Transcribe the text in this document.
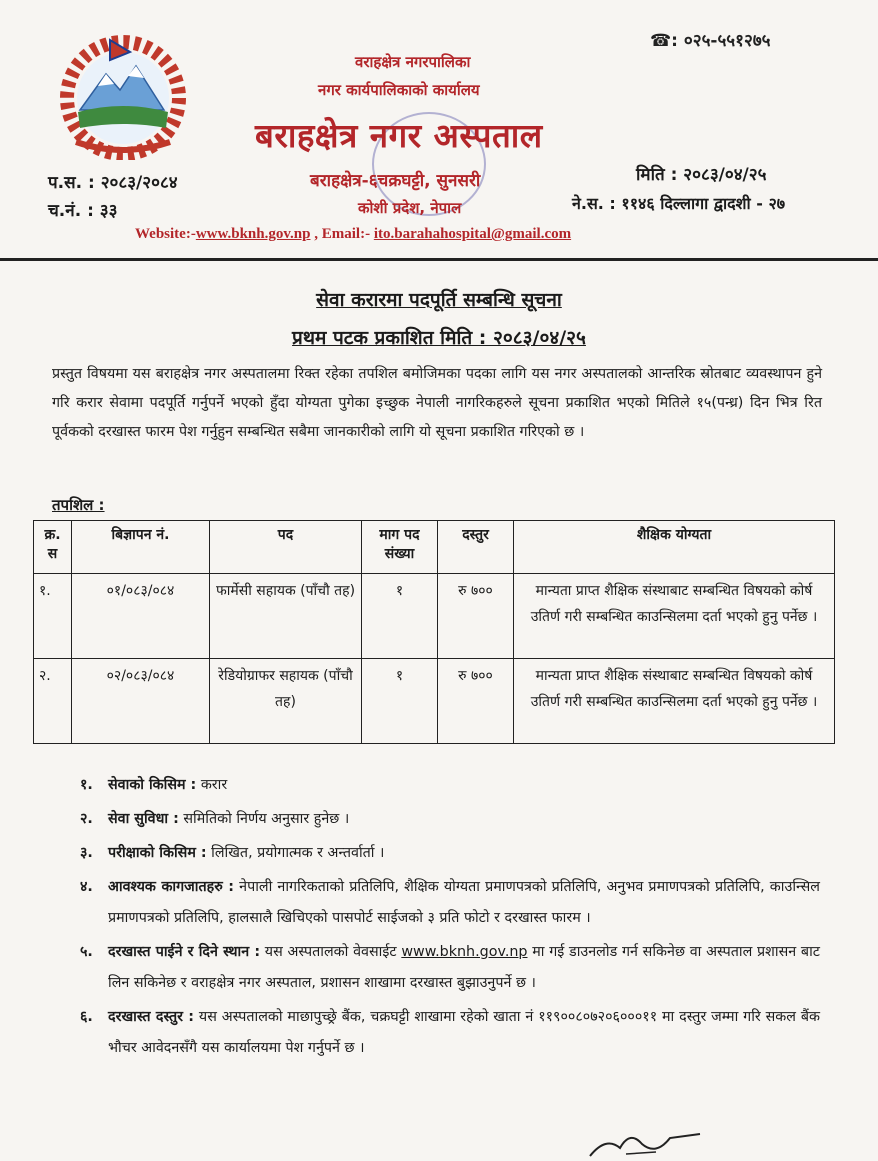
☎: ०२५-५५१२७५
वराहक्षेत्र नगरपालिका
नगर कार्यपालिकाको कार्यालय
बराहक्षेत्र नगर अस्पताल
प.स. : २०८३/२०८४
च.नं. : ३३
बराहक्षेत्र-६चक्रघट्टी, सुनसरी
कोशी प्रदेश, नेपाल
मिति : २०८३/०४/२५
ने.स. : ११४६ दिल्लागा द्वादशी - २७
Website:-www.bknh.gov.np , Email:- ito.barahahospital@gmail.com
सेवा करारमा पदपूर्ति सम्बन्धि सूचना
प्रथम पटक प्रकाशित मिति : २०८३/०४/२५
प्रस्तुत विषयमा यस बराहक्षेत्र नगर अस्पतालमा रिक्त रहेका तपशिल बमोजिमका पदका लागि यस नगर अस्पतालको आन्तरिक स्रोतबाट व्यवस्थापन हुने गरि करार सेवामा पदपूर्ति गर्नुपर्ने भएको हुँदा योग्यता पुगेका इच्छुक नेपाली नागरिकहरुले सूचना प्रकाशित भएको मितिले १५(पन्ध्र) दिन भित्र रित पूर्वकको दरखास्त फारम पेश गर्नुहुन सम्बन्धित सबैमा जानकारीको लागि यो सूचना प्रकाशित गरिएको छ ।
तपशिल :
क्र. स	बिज्ञापन नं.	पद	माग पद संख्या	दस्तुर	शैक्षिक योग्यता
१.	०१/०८३/०८४	फार्मेसी सहायक (पाँचौ तह)	१	रु ७००	मान्यता प्राप्त शैक्षिक संस्थाबाट सम्बन्धित विषयको कोर्ष उतिर्ण गरी सम्बन्धित काउन्सिलमा दर्ता भएको हुनु पर्नेछ ।
२.	०२/०८३/०८४	रेडियोग्राफर सहायक (पाँचौ तह)	१	रु ७००	मान्यता प्राप्त शैक्षिक संस्थाबाट सम्बन्धित विषयको कोर्ष उतिर्ण गरी सम्बन्धित काउन्सिलमा दर्ता भएको हुनु पर्नेछ ।
१.	सेवाको किसिम : करार
२.	सेवा सुविधा : समितिको निर्णय अनुसार हुनेछ ।
३.	परीक्षाको किसिम : लिखित, प्रयोगात्मक र अन्तर्वार्ता ।
४.	आवश्यक कागजातहरु : नेपाली नागरिकताको प्रतिलिपि, शैक्षिक योग्यता प्रमाणपत्रको प्रतिलिपि, अनुभव प्रमाणपत्रको प्रतिलिपि, काउन्सिल प्रमाणपत्रको प्रतिलिपि, हालसालै खिचिएको पासपोर्ट साईजको ३ प्रति फोटो र दरखास्त फारम ।
५.	दरखास्त पाईने र दिने स्थान : यस अस्पतालको वेवसाईट www.bknh.gov.np मा गई डाउनलोड गर्न सकिनेछ वा अस्पताल प्रशासन बाट लिन सकिनेछ र वराहक्षेत्र नगर अस्पताल, प्रशासन शाखामा दरखास्त बुझाउनुपर्ने छ ।
६.	दरखास्त दस्तुर : यस अस्पतालको माछापुच्छ्रे बैंक, चक्रघट्टी शाखामा रहेको खाता नं ११९००८०७२०६०००११ मा दस्तुर जम्मा गरि सकल बैंक भौचर आवेदनसँगै यस कार्यालयमा पेश गर्नुपर्ने छ ।
